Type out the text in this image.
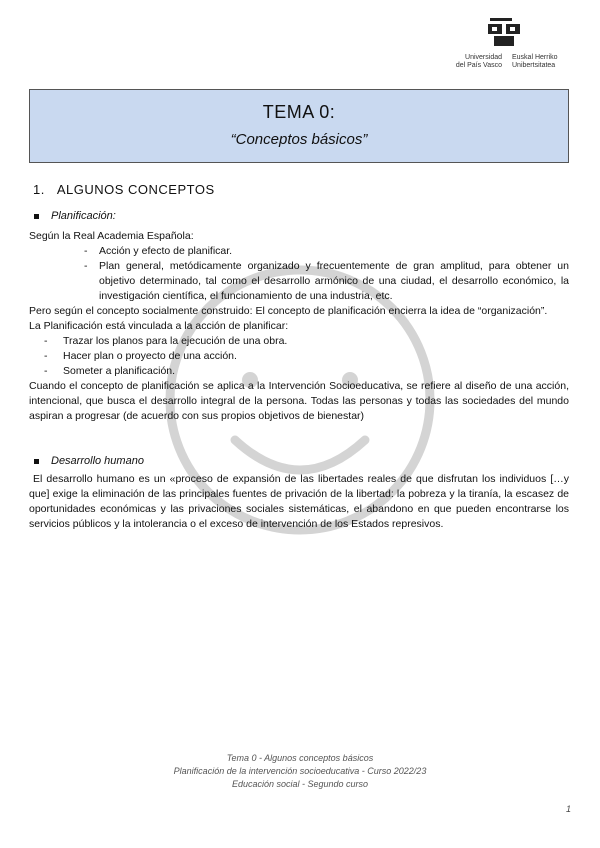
Universidad
del País Vasco
Euskal Herriko
Unibertsitatea
TEMA 0:
“Conceptos básicos”
1. ALGUNOS CONCEPTOS
Planificación:

Según la Real Academia Española:

-	Acción y efecto de planificar.
-	Plan general, metódicamente organizado y frecuentemente de gran amplitud, para obtener un objetivo determinado, tal como el desarrollo armónico de una ciudad, el desarrollo económico, la investigación científica, el funcionamiento de una industria, etc.

Pero según el concepto socialmente construido: El concepto de planificación encierra la idea de “organización”.

La Planificación está vinculada a la acción de planificar:

-	Trazar los planos para la ejecución de una obra.
-	Hacer plan o proyecto de una acción.
-	Someter a planificación.

Cuando el concepto de planificación se aplica a la Intervención Socioeducativa, se refiere al diseño de una acción, intencional, que busca el desarrollo integral de la persona. Todas las personas y todas las sociedades del mundo aspiran a progresar (de acuerdo con sus propios objetivos de bienestar)

Desarrollo humano
El desarrollo humano es un «proceso de expansión de las libertades reales de que disfrutan los individuos […y que] exige la eliminación de las principales fuentes de privación de la libertad: la pobreza y la tiranía, la escasez de oportunidades económicas y las privaciones sociales sistemáticas, el abandono en que pueden encontrarse los servicios públicos y la intolerancia o el exceso de intervención de los Estados represivos.
Tema 0 - Algunos conceptos básicos
Planificación de la intervención socioeducativa - Curso 2022/23
Educación social - Segundo curso
1
